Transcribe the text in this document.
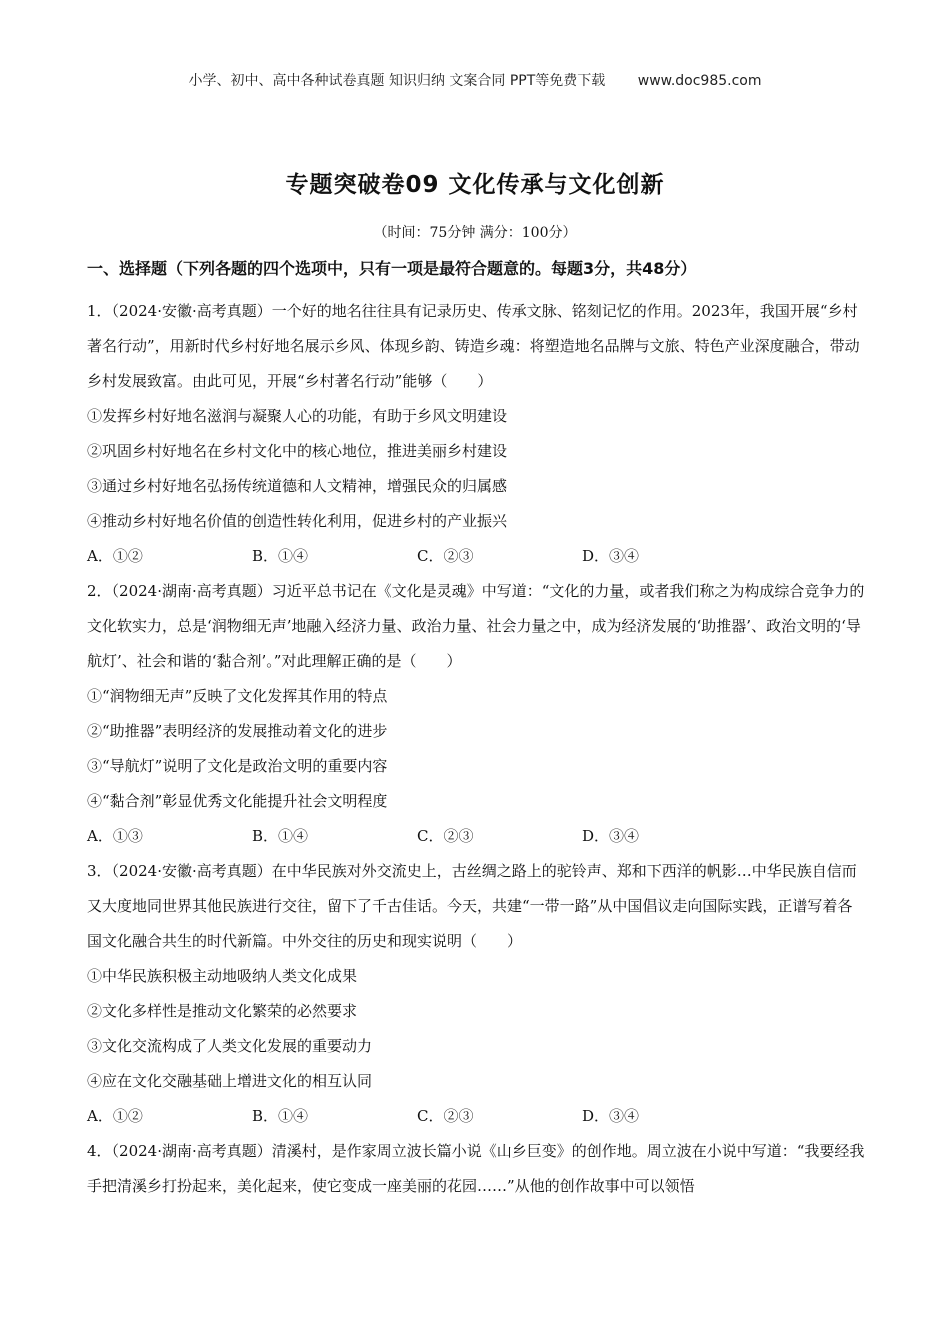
小学、初中、高中各种试卷真题 知识归纳 文案合同 PPT等免费下载 www.doc985.com
专题突破卷09 文化传承与文化创新
（时间：75分钟 满分：100分）
一、选择题（下列各题的四个选项中，只有一项是最符合题意的。每题3分，共48分）

1．（2024·安徽·高考真题）一个好的地名往往具有记录历史、传承文脉、铭刻记忆的作用。2023年，我国开展“乡村著名行动”，用新时代乡村好地名展示乡风、体现乡韵、铸造乡魂：将塑造地名品牌与文旅、特色产业深度融合，带动乡村发展致富。由此可见，开展“乡村著名行动”能够（　　）

①发挥乡村好地名滋润与凝聚人心的功能，有助于乡风文明建设

②巩固乡村好地名在乡村文化中的核心地位，推进美丽乡村建设

③通过乡村好地名弘扬传统道德和人文精神，增强民众的归属感

④推动乡村好地名价值的创造性转化利用，促进乡村的产业振兴

A．①②	B．①④	C．②③	D．③④

2．（2024·湖南·高考真题）习近平总书记在《文化是灵魂》中写道：“文化的力量，或者我们称之为构成综合竞争力的文化软实力，总是‘润物细无声’地融入经济力量、政治力量、社会力量之中，成为经济发展的‘助推器’、政治文明的‘导航灯’、社会和谐的‘黏合剂’。”对此理解正确的是（　　）

①“润物细无声”反映了文化发挥其作用的特点

②“助推器”表明经济的发展推动着文化的进步

③“导航灯”说明了文化是政治文明的重要内容

④“黏合剂”彰显优秀文化能提升社会文明程度

A．①③	B．①④	C．②③	D．③④

3．（2024·安徽·高考真题）在中华民族对外交流史上，古丝绸之路上的驼铃声、郑和下西洋的帆影…中华民族自信而又大度地同世界其他民族进行交往，留下了千古佳话。今天，共建“一带一路”从中国倡议走向国际实践，正谱写着各国文化融合共生的时代新篇。中外交往的历史和现实说明（　　）

①中华民族积极主动地吸纳人类文化成果

②文化多样性是推动文化繁荣的必然要求

③文化交流构成了人类文化发展的重要动力

④应在文化交融基础上增进文化的相互认同

A．①②	B．①④	C．②③	D．③④

4．（2024·湖南·高考真题）清溪村，是作家周立波长篇小说《山乡巨变》的创作地。周立波在小说中写道：“我要经我手把清溪乡打扮起来，美化起来，使它变成一座美丽的花园……”从他的创作故事中可以领悟
